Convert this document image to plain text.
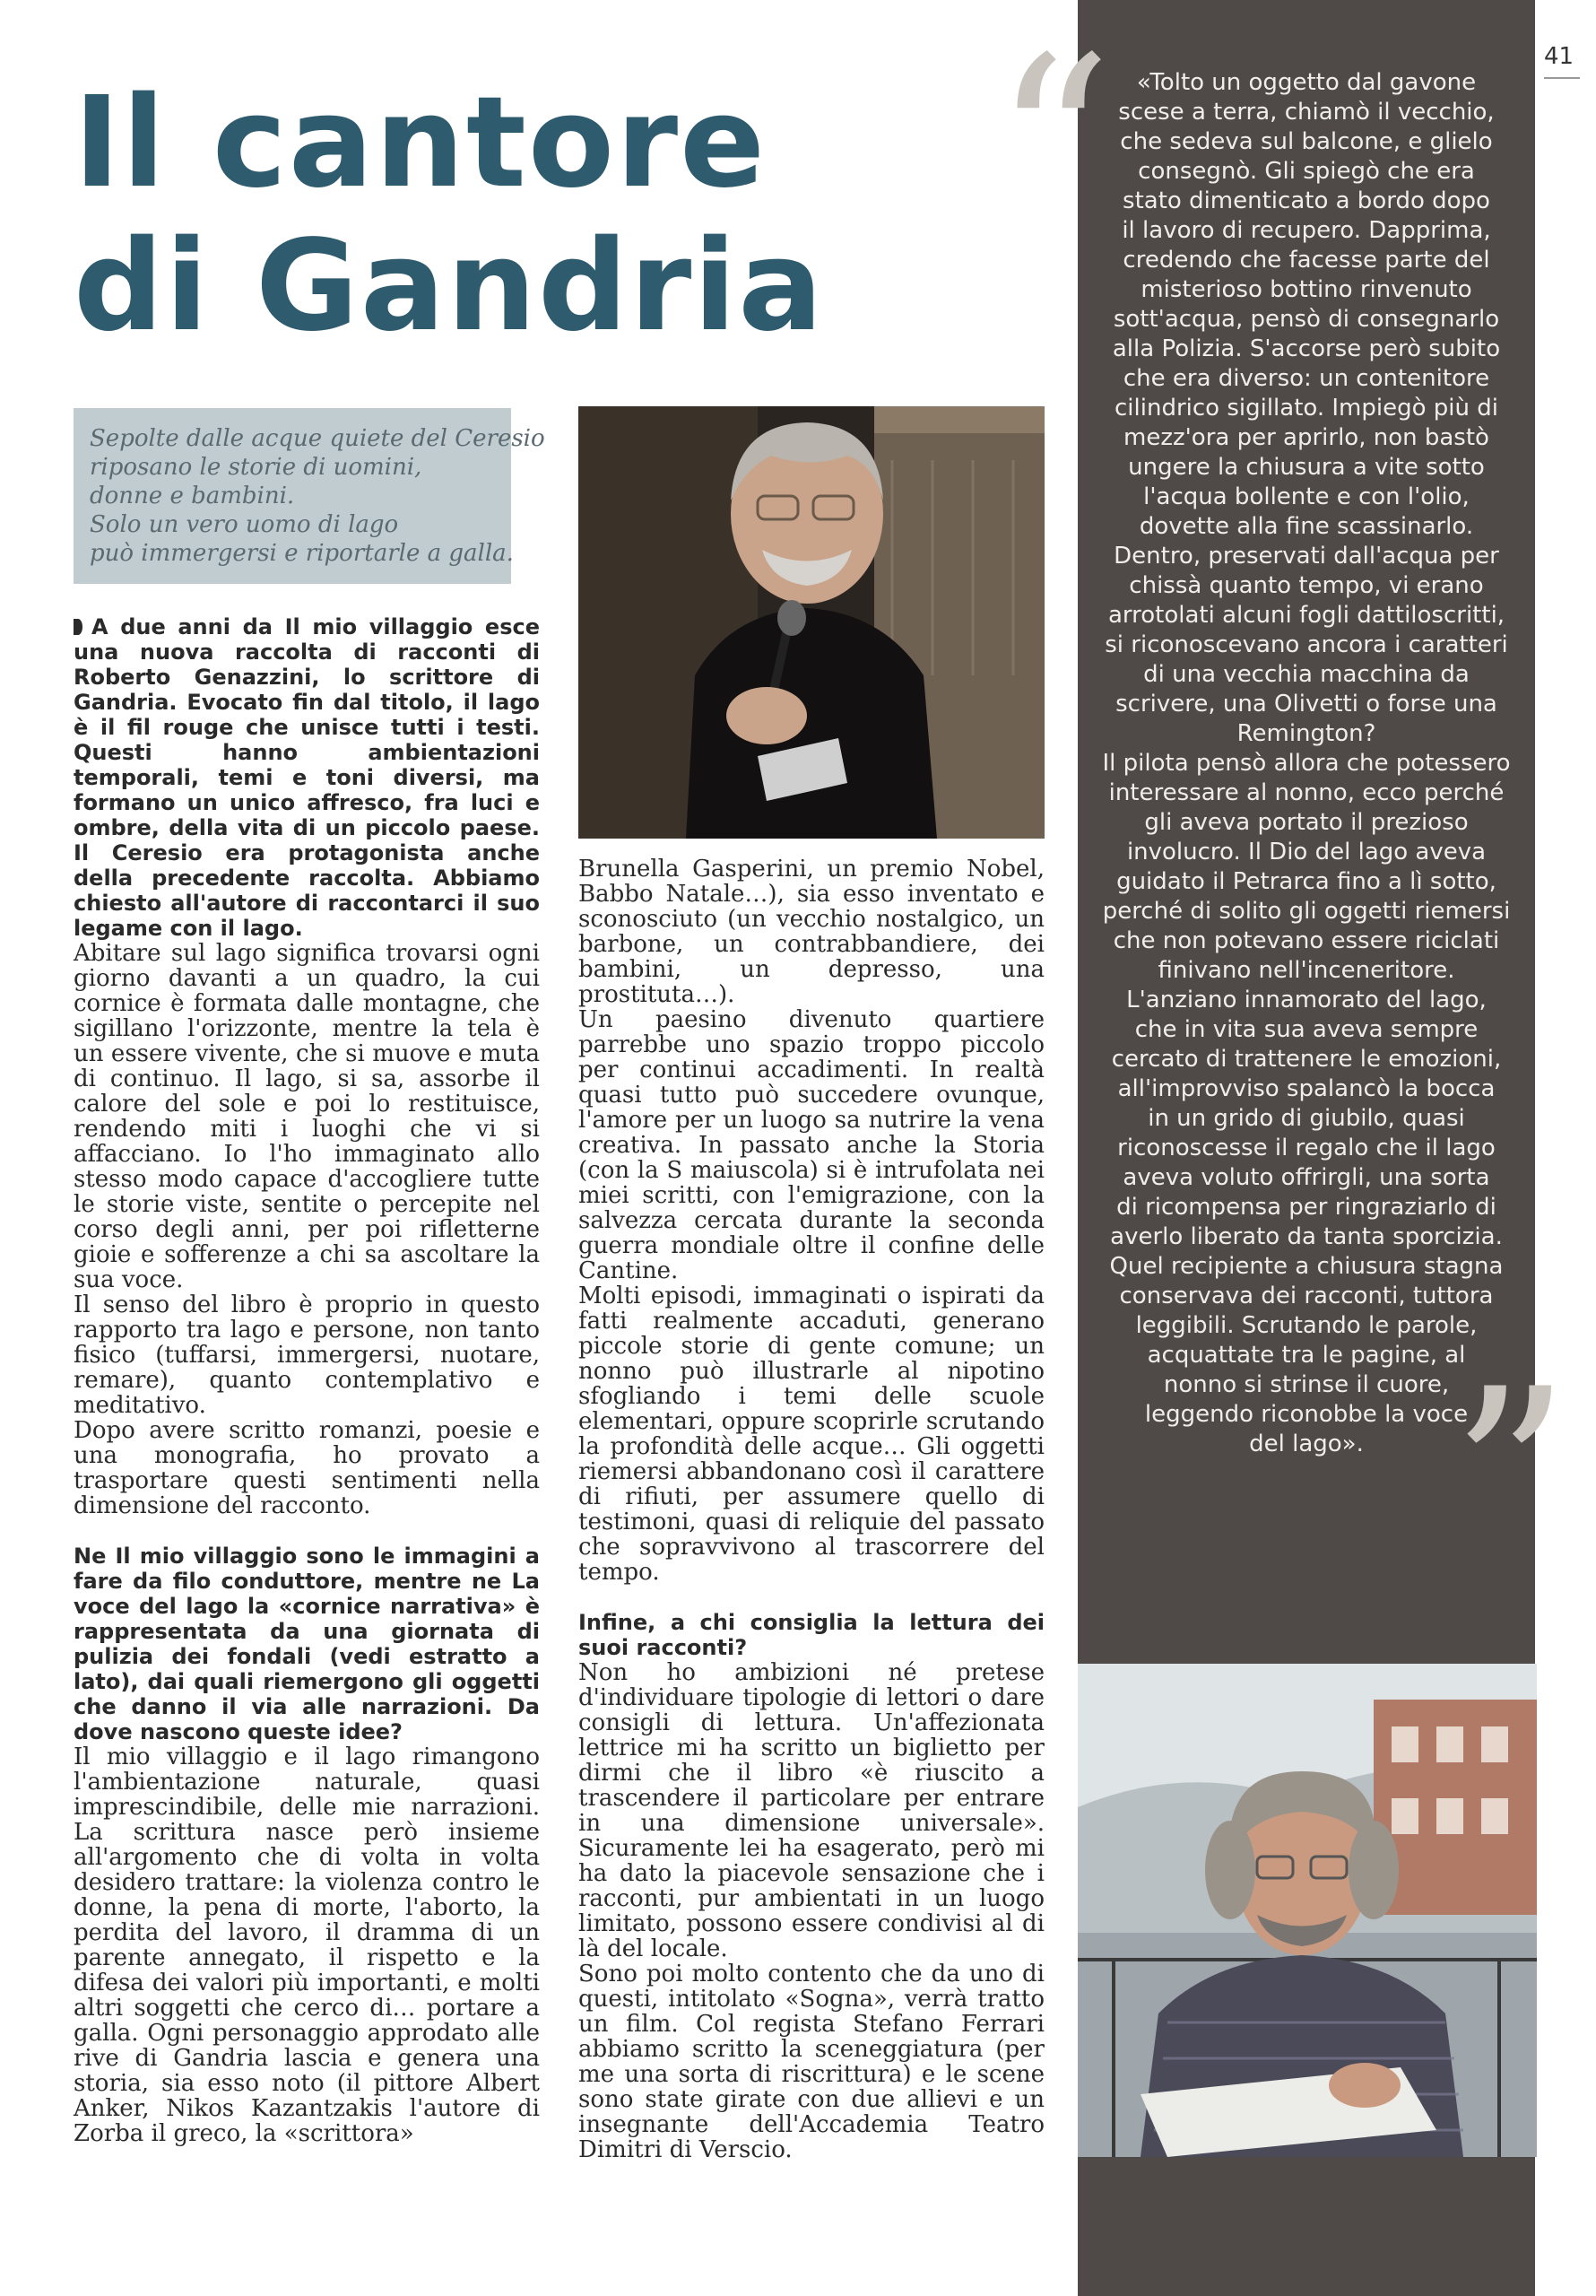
41
Il cantore
di Gandria
Sepolte dalle acque quiete del Ceresio
riposano le storie di uomini,
donne e bambini.
Solo un vero uomo di lago
può immergersi e riportarle a galla.

A due anni da Il mio villaggio esce una nuova raccolta di racconti di Roberto Genazzini, lo scrittore di Gandria. Evocato fin dal titolo, il lago è il fil rouge che unisce tutti i testi. Questi hanno ambientazioni temporali, temi e toni diversi, ma formano un unico affresco, fra luci e ombre, della vita di un piccolo paese. Il Ceresio era protagonista anche della precedente raccolta. Abbiamo chiesto all'autore di raccontarci il suo legame con il lago.

Abitare sul lago significa trovarsi ogni giorno davanti a un quadro, la cui cornice è formata dalle montagne, che sigillano l'orizzonte, mentre la tela è un essere vivente, che si muove e muta di continuo. Il lago, si sa, assorbe il calore del sole e poi lo restituisce, rendendo miti i luoghi che vi si affacciano. Io l'ho immaginato allo stesso modo capace d'accogliere tutte le storie viste, sentite o percepite nel corso degli anni, per poi rifletterne gioie e sofferenze a chi sa ascoltare la sua voce.

Il senso del libro è proprio in questo rapporto tra lago e persone, non tanto fisico (tuffarsi, immergersi, nuotare, remare), quanto contemplativo e meditativo.

Dopo avere scritto romanzi, poesie e una monografia, ho provato a trasportare questi sentimenti nella dimensione del racconto.

Ne Il mio villaggio sono le immagini a fare da filo conduttore, mentre ne La voce del lago la «cornice narrativa» è rappresentata da una giornata di pulizia dei fondali (vedi estratto a lato), dai quali riemergono gli oggetti che danno il via alle narrazioni. Da dove nascono queste idee?

Il mio villaggio e il lago rimangono l'ambientazione naturale, quasi imprescindibile, delle mie narrazioni. La scrittura nasce però insieme all'argomento che di volta in volta desidero trattare: la violenza contro le donne, la pena di morte, l'aborto, la perdita del lavoro, il dramma di un parente annegato, il rispetto e la difesa dei valori più importanti, e molti altri soggetti che cerco di… portare a galla. Ogni personaggio approdato alle rive di Gandria lascia e genera una storia, sia esso noto (il pittore Albert Anker, Nikos Kazantzakis l'autore di Zorba il greco, la «scrittora»

Brunella Gasperini, un premio Nobel, Babbo Natale…), sia esso inventato e sconosciuto (un vecchio nostalgico, un barbone, un contrabbandiere, dei bambini, un depresso, una prostituta…).

Un paesino divenuto quartiere parrebbe uno spazio troppo piccolo per continui accadimenti. In realtà quasi tutto può succedere ovunque, l'amore per un luogo sa nutrire la vena creativa. In passato anche la Storia (con la S maiuscola) si è intrufolata nei miei scritti, con l'emigrazione, con la salvezza cercata durante la seconda guerra mondiale oltre il confine delle Cantine.

Molti episodi, immaginati o ispirati da fatti realmente accaduti, generano piccole storie di gente comune; un nonno può illustrarle al nipotino sfogliando i temi delle scuole elementari, oppure scoprirle scrutando la profondità delle acque… Gli oggetti riemersi abbandonano così il carattere di rifiuti, per assumere quello di testimoni, quasi di reliquie del passato che sopravvivono al trascorrere del tempo.

Infine, a chi consiglia la lettura dei suoi racconti?

Non ho ambizioni né pretese d'individuare tipologie di lettori o dare consigli di lettura. Un'affezionata lettrice mi ha scritto un biglietto per dirmi che il libro «è riuscito a trascendere il particolare per entrare in una dimensione universale». Sicuramente lei ha esagerato, però mi ha dato la piacevole sensazione che i racconti, pur ambientati in un luogo limitato, possono essere condivisi al di là del locale.

Sono poi molto contento che da uno di questi, intitolato «Sogna», verrà tratto un film. Col regista Stefano Ferrari abbiamo scritto la sceneggiatura (per me una sorta di riscrittura) e le scene sono state girate con due allievi e un insegnante dell'Accademia Teatro Dimitri di Verscio.

“	«Tolto un oggetto dal gavone
scese a terra, chiamò il vecchio,
che sedeva sul balcone, e glielo
consegnò. Gli spiegò che era
stato dimenticato a bordo dopo
il lavoro di recupero. Dapprima,
credendo che facesse parte del
misterioso bottino rinvenuto
sott'acqua, pensò di consegnarlo
alla Polizia. S'accorse però subito
che era diverso: un contenitore
cilindrico sigillato. Impiegò più di
mezz'ora per aprirlo, non bastò
ungere la chiusura a vite sotto
l'acqua bollente e con l'olio,
dovette alla fine scassinarlo.
Dentro, preservati dall'acqua per
chissà quanto tempo, vi erano
arrotolati alcuni fogli dattiloscritti,
si riconoscevano ancora i caratteri
di una vecchia macchina da
scrivere, una Olivetti o forse una
Remington?
Il pilota pensò allora che potessero
interessare al nonno, ecco perché
gli aveva portato il prezioso
involucro. Il Dio del lago aveva
guidato il Petrarca fino a lì sotto,
perché di solito gli oggetti riemersi
che non potevano essere riciclati
finivano nell'inceneritore.
L'anziano innamorato del lago,
che in vita sua aveva sempre
cercato di trattenere le emozioni,
all'improvviso spalancò la bocca
in un grido di giubilo, quasi
riconoscesse il regalo che il lago
aveva voluto offrirgli, una sorta
di ricompensa per ringraziarlo di
averlo liberato da tanta sporcizia.
Quel recipiente a chiusura stagna
conservava dei racconti, tuttora
leggibili. Scrutando le parole,
acquattate tra le pagine, al
nonno si strinse il cuore,
leggendo riconobbe la voce
del lago». ”
